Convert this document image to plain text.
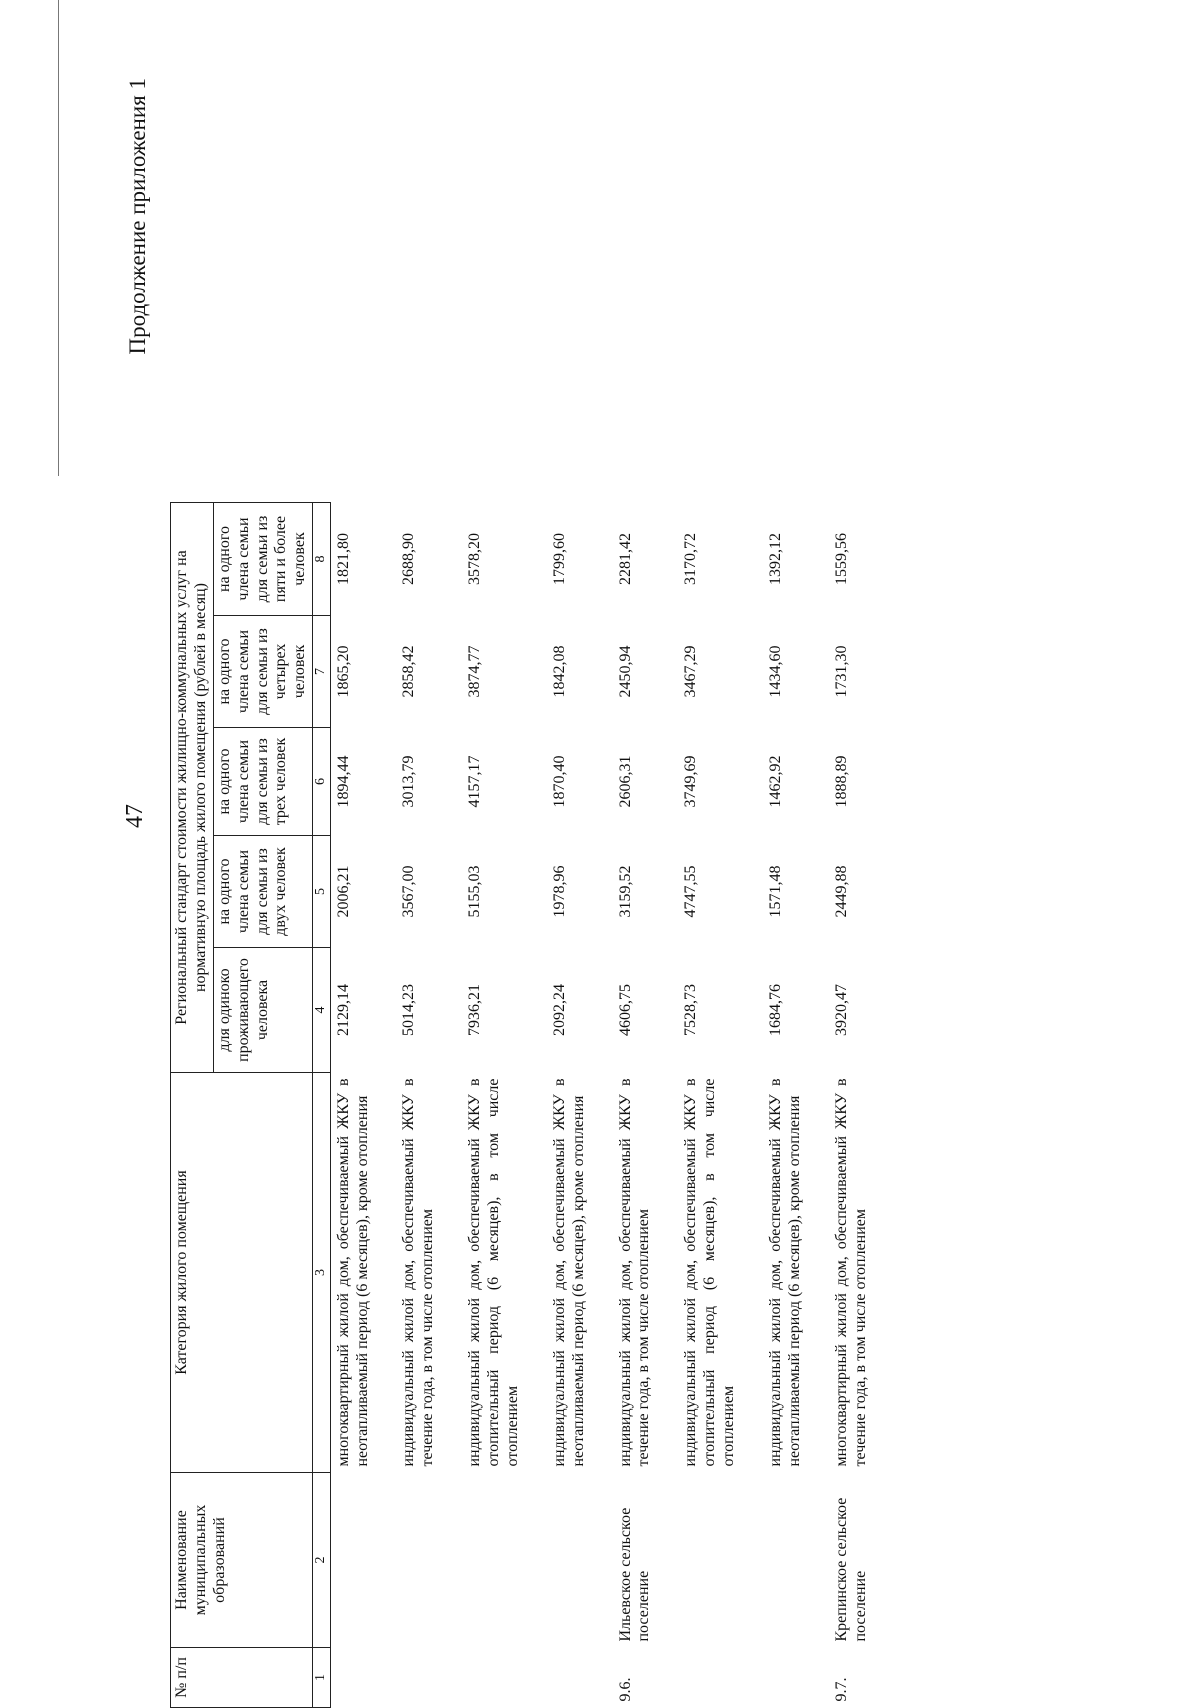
47
Продолжение приложения 1
№ п/п	Наименование муниципальных образований	Категория жилого помещения	Региональный стандарт стоимости жилищно-коммунальных услуг на нормативную площадь жилого помещения (рублей в месяц)				
			для одиноко проживающего человека	на одного члена семьи для семьи из двух человек	на одного члена семьи для семьи из трех человек	на одного члена семьи для семьи из четырех человек	на одного члена семьи для семьи из пяти и более человек
1	2	3	4	5	6	7	8
		многоквартирный жилой дом, обеспечиваемый ЖКУ в неотапливаемый период (6 месяцев), кроме отопления	2129,14	2006,21	1894,44	1865,20	1821,80
		индивидуальный жилой дом, обеспечиваемый ЖКУ в течение года, в том числе отоплением	5014,23	3567,00	3013,79	2858,42	2688,90
		индивидуальный жилой дом, обеспечиваемый ЖКУ в отопительный период (6 месяцев), в том числе отоплением	7936,21	5155,03	4157,17	3874,77	3578,20
		индивидуальный жилой дом, обеспечиваемый ЖКУ в неотапливаемый период (6 месяцев), кроме отопления	2092,24	1978,96	1870,40	1842,08	1799,60
9.6.	Ильевское сельское поселение	индивидуальный жилой дом, обеспечиваемый ЖКУ в течение года, в том числе отоплением	4606,75	3159,52	2606,31	2450,94	2281,42
		индивидуальный жилой дом, обеспечиваемый ЖКУ в отопительный период (6 месяцев), в том числе отоплением	7528,73	4747,55	3749,69	3467,29	3170,72
		индивидуальный жилой дом, обеспечиваемый ЖКУ в неотапливаемый период (6 месяцев), кроме отопления	1684,76	1571,48	1462,92	1434,60	1392,12
9.7.	Крепинское сельское поселение	многоквартирный жилой дом, обеспечиваемый ЖКУ в течение года, в том числе отоплением	3920,47	2449,88	1888,89	1731,30	1559,56
